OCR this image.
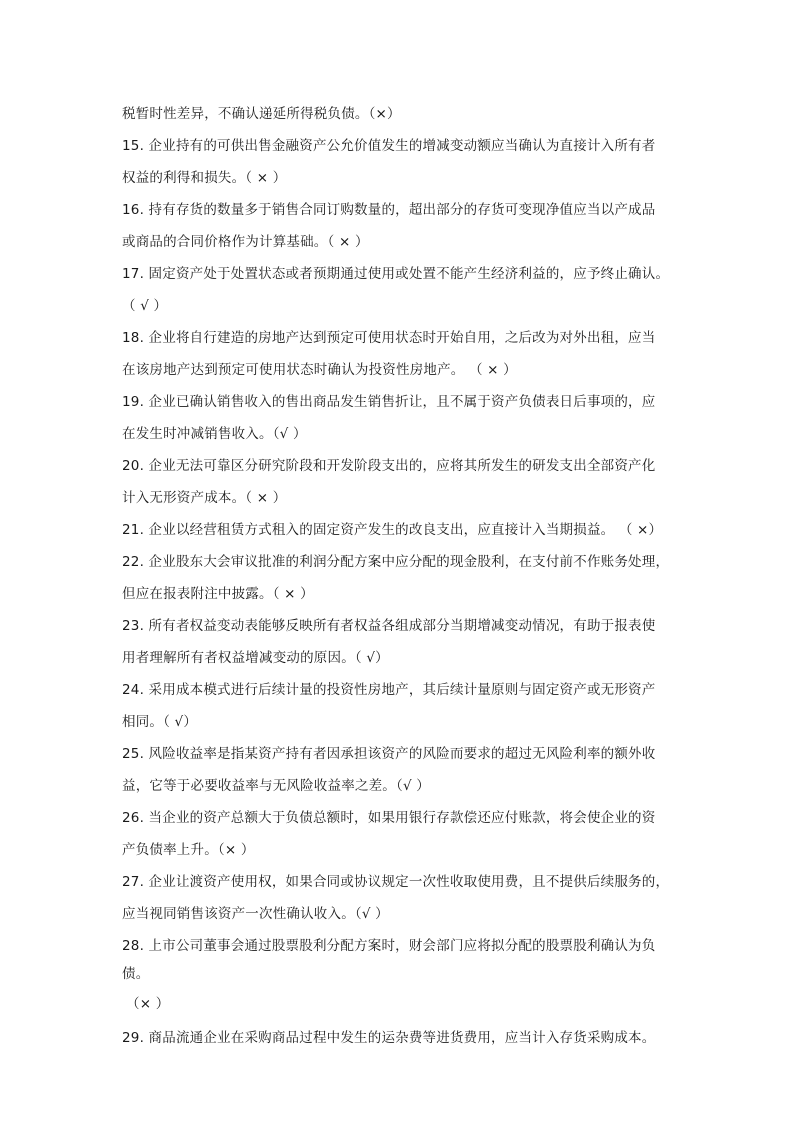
税暂时性差异，不确认递延所得税负债。（×）
15. 企业持有的可供出售金融资产公允价值发生的增减变动额应当确认为直接计入所有者
权益的利得和损失。（ × ）
16. 持有存货的数量多于销售合同订购数量的，超出部分的存货可变现净值应当以产成品
或商品的合同价格作为计算基础。（ × ）
17. 固定资产处于处置状态或者预期通过使用或处置不能产生经济利益的，应予终止确认。
（ √ ）
18. 企业将自行建造的房地产达到预定可使用状态时开始自用，之后改为对外出租，应当
在该房地产达到预定可使用状态时确认为投资性房地产。 （ × ）
19. 企业已确认销售收入的售出商品发生销售折让，且不属于资产负债表日后事项的，应
在发生时冲减销售收入。（√ ）
20. 企业无法可靠区分研究阶段和开发阶段支出的，应将其所发生的研发支出全部资产化
计入无形资产成本。（ × ）
21. 企业以经营租赁方式租入的固定资产发生的改良支出，应直接计入当期损益。 （ ×）
22. 企业股东大会审议批准的利润分配方案中应分配的现金股利，在支付前不作账务处理，
但应在报表附注中披露。（ × ）
23. 所有者权益变动表能够反映所有者权益各组成部分当期增减变动情况，有助于报表使
用者理解所有者权益增减变动的原因。（ √）
24. 采用成本模式进行后续计量的投资性房地产，其后续计量原则与固定资产或无形资产
相同。（ √）
25. 风险收益率是指某资产持有者因承担该资产的风险而要求的超过无风险利率的额外收
益，它等于必要收益率与无风险收益率之差。（√ ）
26. 当企业的资产总额大于负债总额时，如果用银行存款偿还应付账款，将会使企业的资
产负债率上升。（× ）
27. 企业让渡资产使用权，如果合同或协议规定一次性收取使用费，且不提供后续服务的，
应当视同销售该资产一次性确认收入。（√ ）
28. 上市公司董事会通过股票股利分配方案时，财会部门应将拟分配的股票股利确认为负
债。
（× ）
29. 商品流通企业在采购商品过程中发生的运杂费等进货费用，应当计入存货采购成本。
